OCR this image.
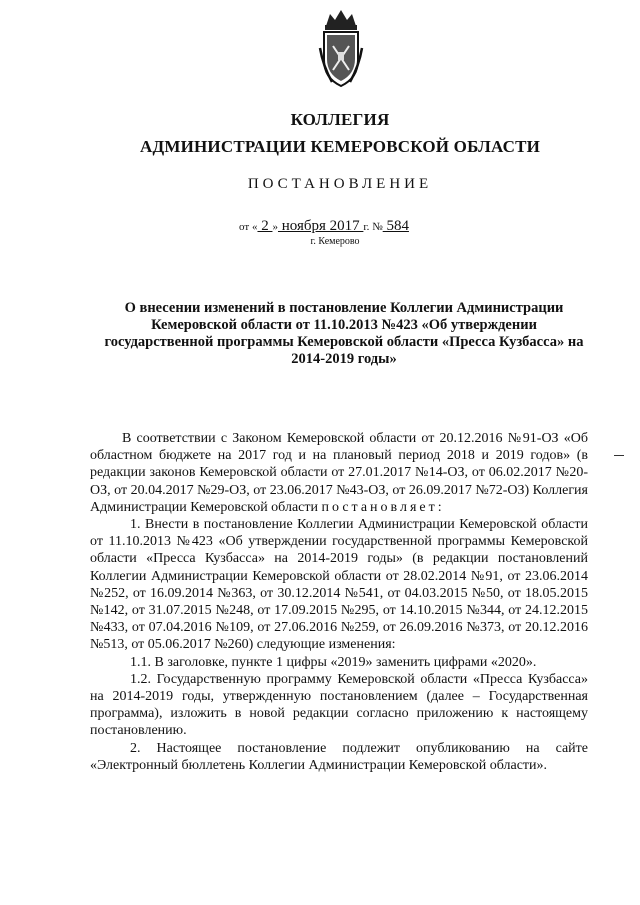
КОЛЛЕГИЯ
АДМИНИСТРАЦИИ КЕМЕРОВСКОЙ ОБЛАСТИ
ПОСТАНОВЛЕНИЕ
от « 2 » ноября 2017 г. № 584
г. Кемерово
О внесении изменений в постановление Коллегии Администрации Кемеровской области от 11.10.2013 №423 «Об утверждении государственной программы Кемеровской области «Пресса Кузбасса» на 2014-2019 годы»

В соответствии с Законом Кемеровской области от 20.12.2016 №91-ОЗ «Об областном бюджете на 2017 год и на плановый период 2018 и 2019 годов» (в редакции законов Кемеровской области от 27.01.2017 №14-ОЗ, от 06.02.2017 №20-ОЗ, от 20.04.2017 №29-ОЗ, от 23.06.2017 №43-ОЗ, от 26.09.2017 №72-ОЗ) Коллегия Администрации Кемеровской области постановляет:

1. Внести в постановление Коллегии Администрации Кемеровской области от 11.10.2013 №423 «Об утверждении государственной программы Кемеровской области «Пресса Кузбасса» на 2014-2019 годы» (в редакции постановлений Коллегии Администрации Кемеровской области от 28.02.2014 №91, от 23.06.2014 №252, от 16.09.2014 №363, от 30.12.2014 №541, от 04.03.2015 №50, от 18.05.2015 №142, от 31.07.2015 №248, от 17.09.2015 №295, от 14.10.2015 №344, от 24.12.2015 №433, от 07.04.2016 №109, от 27.06.2016 №259, от 26.09.2016 №373, от 20.12.2016 №513, от 05.06.2017 №260) следующие изменения:

1.1. В заголовке, пункте 1 цифры «2019» заменить цифрами «2020».

1.2. Государственную программу Кемеровской области «Пресса Кузбасса» на 2014-2019 годы, утвержденную постановлением (далее – Государственная программа), изложить в новой редакции согласно приложению к настоящему постановлению.

2. Настоящее постановление подлежит опубликованию на сайте «Электронный бюллетень Коллегии Администрации Кемеровской области».
